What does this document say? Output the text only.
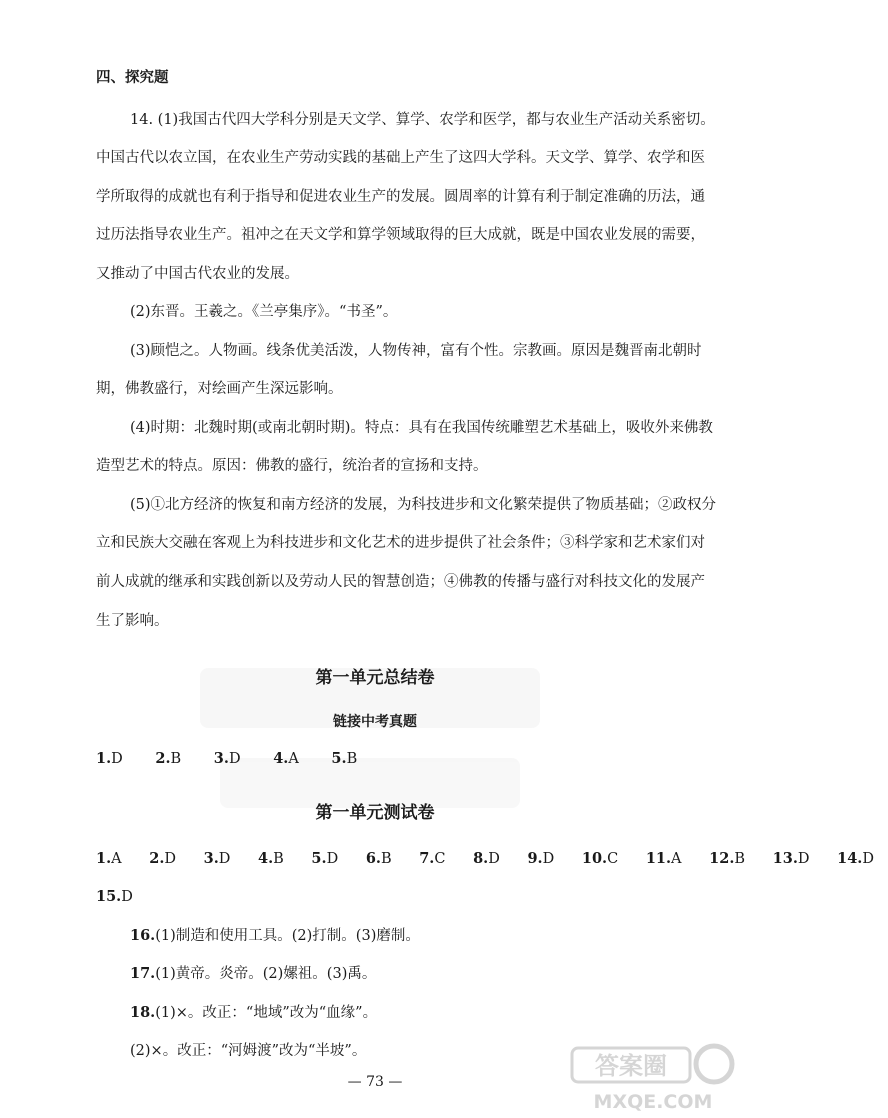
四、探究题
14. (1)我国古代四大学科分别是天文学、算学、农学和医学，都与农业生产活动关系密切。
中国古代以农立国，在农业生产劳动实践的基础上产生了这四大学科。天文学、算学、农学和医
学所取得的成就也有利于指导和促进农业生产的发展。圆周率的计算有利于制定准确的历法，通
过历法指导农业生产。祖冲之在天文学和算学领域取得的巨大成就，既是中国农业发展的需要，
又推动了中国古代农业的发展。
(2)东晋。王羲之。《兰亭集序》。“书圣”。
(3)顾恺之。人物画。线条优美活泼，人物传神，富有个性。宗教画。原因是魏晋南北朝时
期，佛教盛行，对绘画产生深远影响。
(4)时期：北魏时期(或南北朝时期)。特点：具有在我国传统雕塑艺术基础上，吸收外来佛教
造型艺术的特点。原因：佛教的盛行，统治者的宣扬和支持。
(5)①北方经济的恢复和南方经济的发展，为科技进步和文化繁荣提供了物质基础；②政权分
立和民族大交融在客观上为科技进步和文化艺术的进步提供了社会条件；③科学家和艺术家们对
前人成就的继承和实践创新以及劳动人民的智慧创造；④佛教的传播与盛行对科技文化的发展产
生了影响。
第一单元总结卷
链接中考真题
1.D 2.B 3.D 4.A 5.B
第一单元测试卷
1.A 2.D 3.D 4.B 5.D 6.B 7.C 8.D 9.D 10.C 11.A 12.B 13.D 14.D
15.D
16.(1)制造和使用工具。(2)打制。(3)磨制。
17.(1)黄帝。炎帝。(2)嫘祖。(3)禹。
18.(1)×。改正：“地域”改为“血缘”。
(2)×。改正：“河姆渡”改为“半坡”。
— 73 —
答案圈
MXQE.COM
